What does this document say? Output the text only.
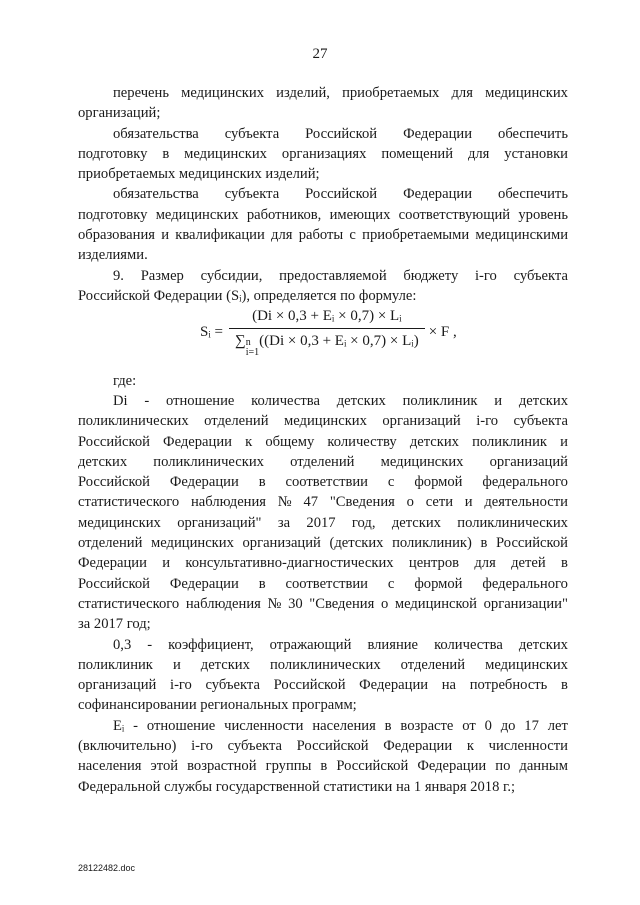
27
перечень медицинских изделий, приобретаемых для медицинских
организаций;
обязательства субъекта Российской Федерации обеспечить
подготовку в медицинских организациях помещений для установки
приобретаемых медицинских изделий;
обязательства субъекта Российской Федерации обеспечить
подготовку медицинских работников, имеющих соответствующий уровень
образования и квалификации для работы с приобретаемыми медицинскими
изделиями.
9. Размер субсидии, предоставляемой бюджету i-го субъекта
Российской Федерации (Sᵢ), определяется по формуле:
Sᵢ = (Di × 0,3 + Eᵢ × 0,7) × Lᵢ
∑ n
i=1
((Di × 0,3 + Eᵢ × 0,7) × Lᵢ) × F ,
где:
Di - отношение количества детских поликлиник и детских
поликлинических отделений медицинских организаций i-го субъекта
Российской Федерации к общему количеству детских поликлиник и
детских поликлинических отделений медицинских организаций
Российской Федерации в соответствии с формой федерального
статистического наблюдения № 47 "Сведения о сети и деятельности
медицинских организаций" за 2017 год, детских поликлинических
отделений медицинских организаций (детских поликлиник) в Российской
Федерации и консультативно-диагностических центров для детей в
Российской Федерации в соответствии с формой федерального
статистического наблюдения № 30 "Сведения о медицинской организации"
за 2017 год;
0,3 - коэффициент, отражающий влияние количества детских
поликлиник и детских поликлинических отделений медицинских
организаций i-го субъекта Российской Федерации на потребность в
софинансировании региональных программ;
Eᵢ - отношение численности населения в возрасте от 0 до 17 лет
(включительно) i-го субъекта Российской Федерации к численности
населения этой возрастной группы в Российской Федерации по данным
Федеральной службы государственной статистики на 1 января 2018 г.;
28122482.doc
